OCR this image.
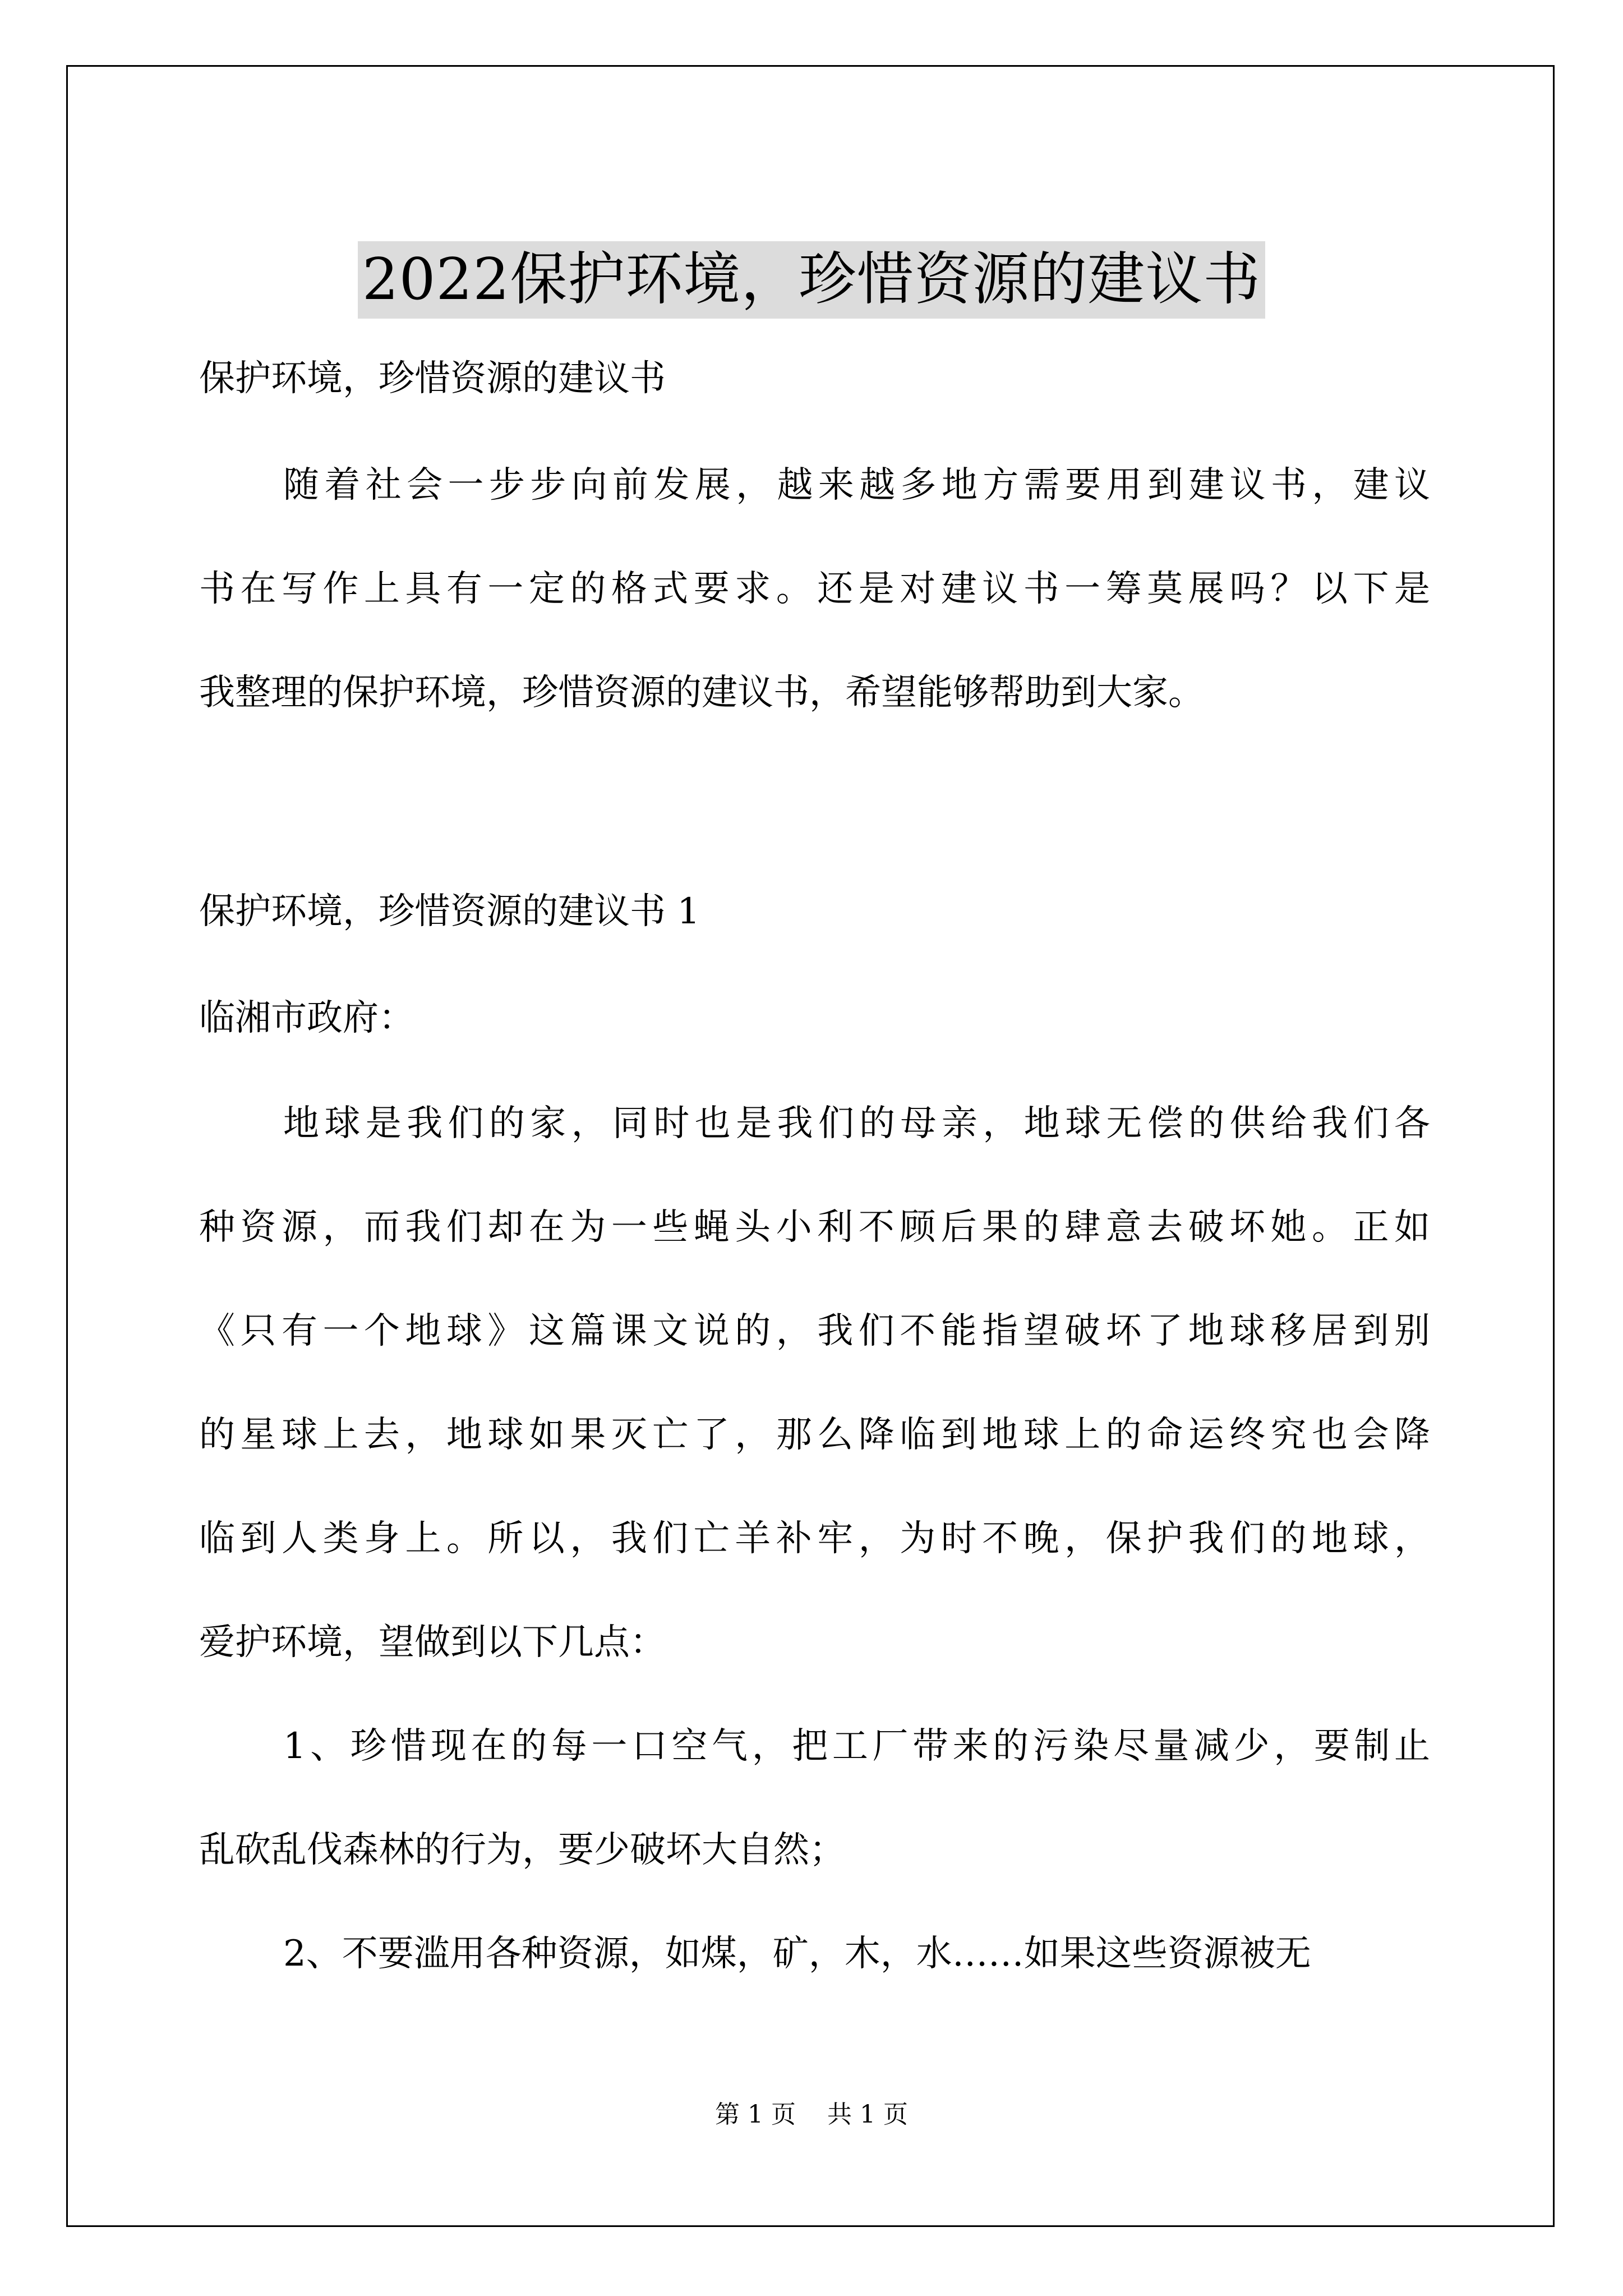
2022保护环境，珍惜资源的建议书

保护环境，珍惜资源的建议书

随着社会一步步向前发展，越来越多地方需要用到建议书，建议
书在写作上具有一定的格式要求。还是对建议书一筹莫展吗？以下是
我整理的保护环境，珍惜资源的建议书，希望能够帮助到大家。

保护环境，珍惜资源的建议书 1

临湘市政府：

地球是我们的家，同时也是我们的母亲，地球无偿的供给我们各
种资源，而我们却在为一些蝇头小利不顾后果的肆意去破坏她。正如
《只有一个地球》这篇课文说的，我们不能指望破坏了地球移居到别
的星球上去，地球如果灭亡了，那么降临到地球上的命运终究也会降
临到人类身上。所以，我们亡羊补牢，为时不晚，保护我们的地球，
爱护环境，望做到以下几点：
1、珍惜现在的每一口空气，把工厂带来的污染尽量减少，要制止
乱砍乱伐森林的行为，要少破坏大自然；
2、不要滥用各种资源，如煤，矿，木，水……如果这些资源被无
第 1 页 共 1 页
